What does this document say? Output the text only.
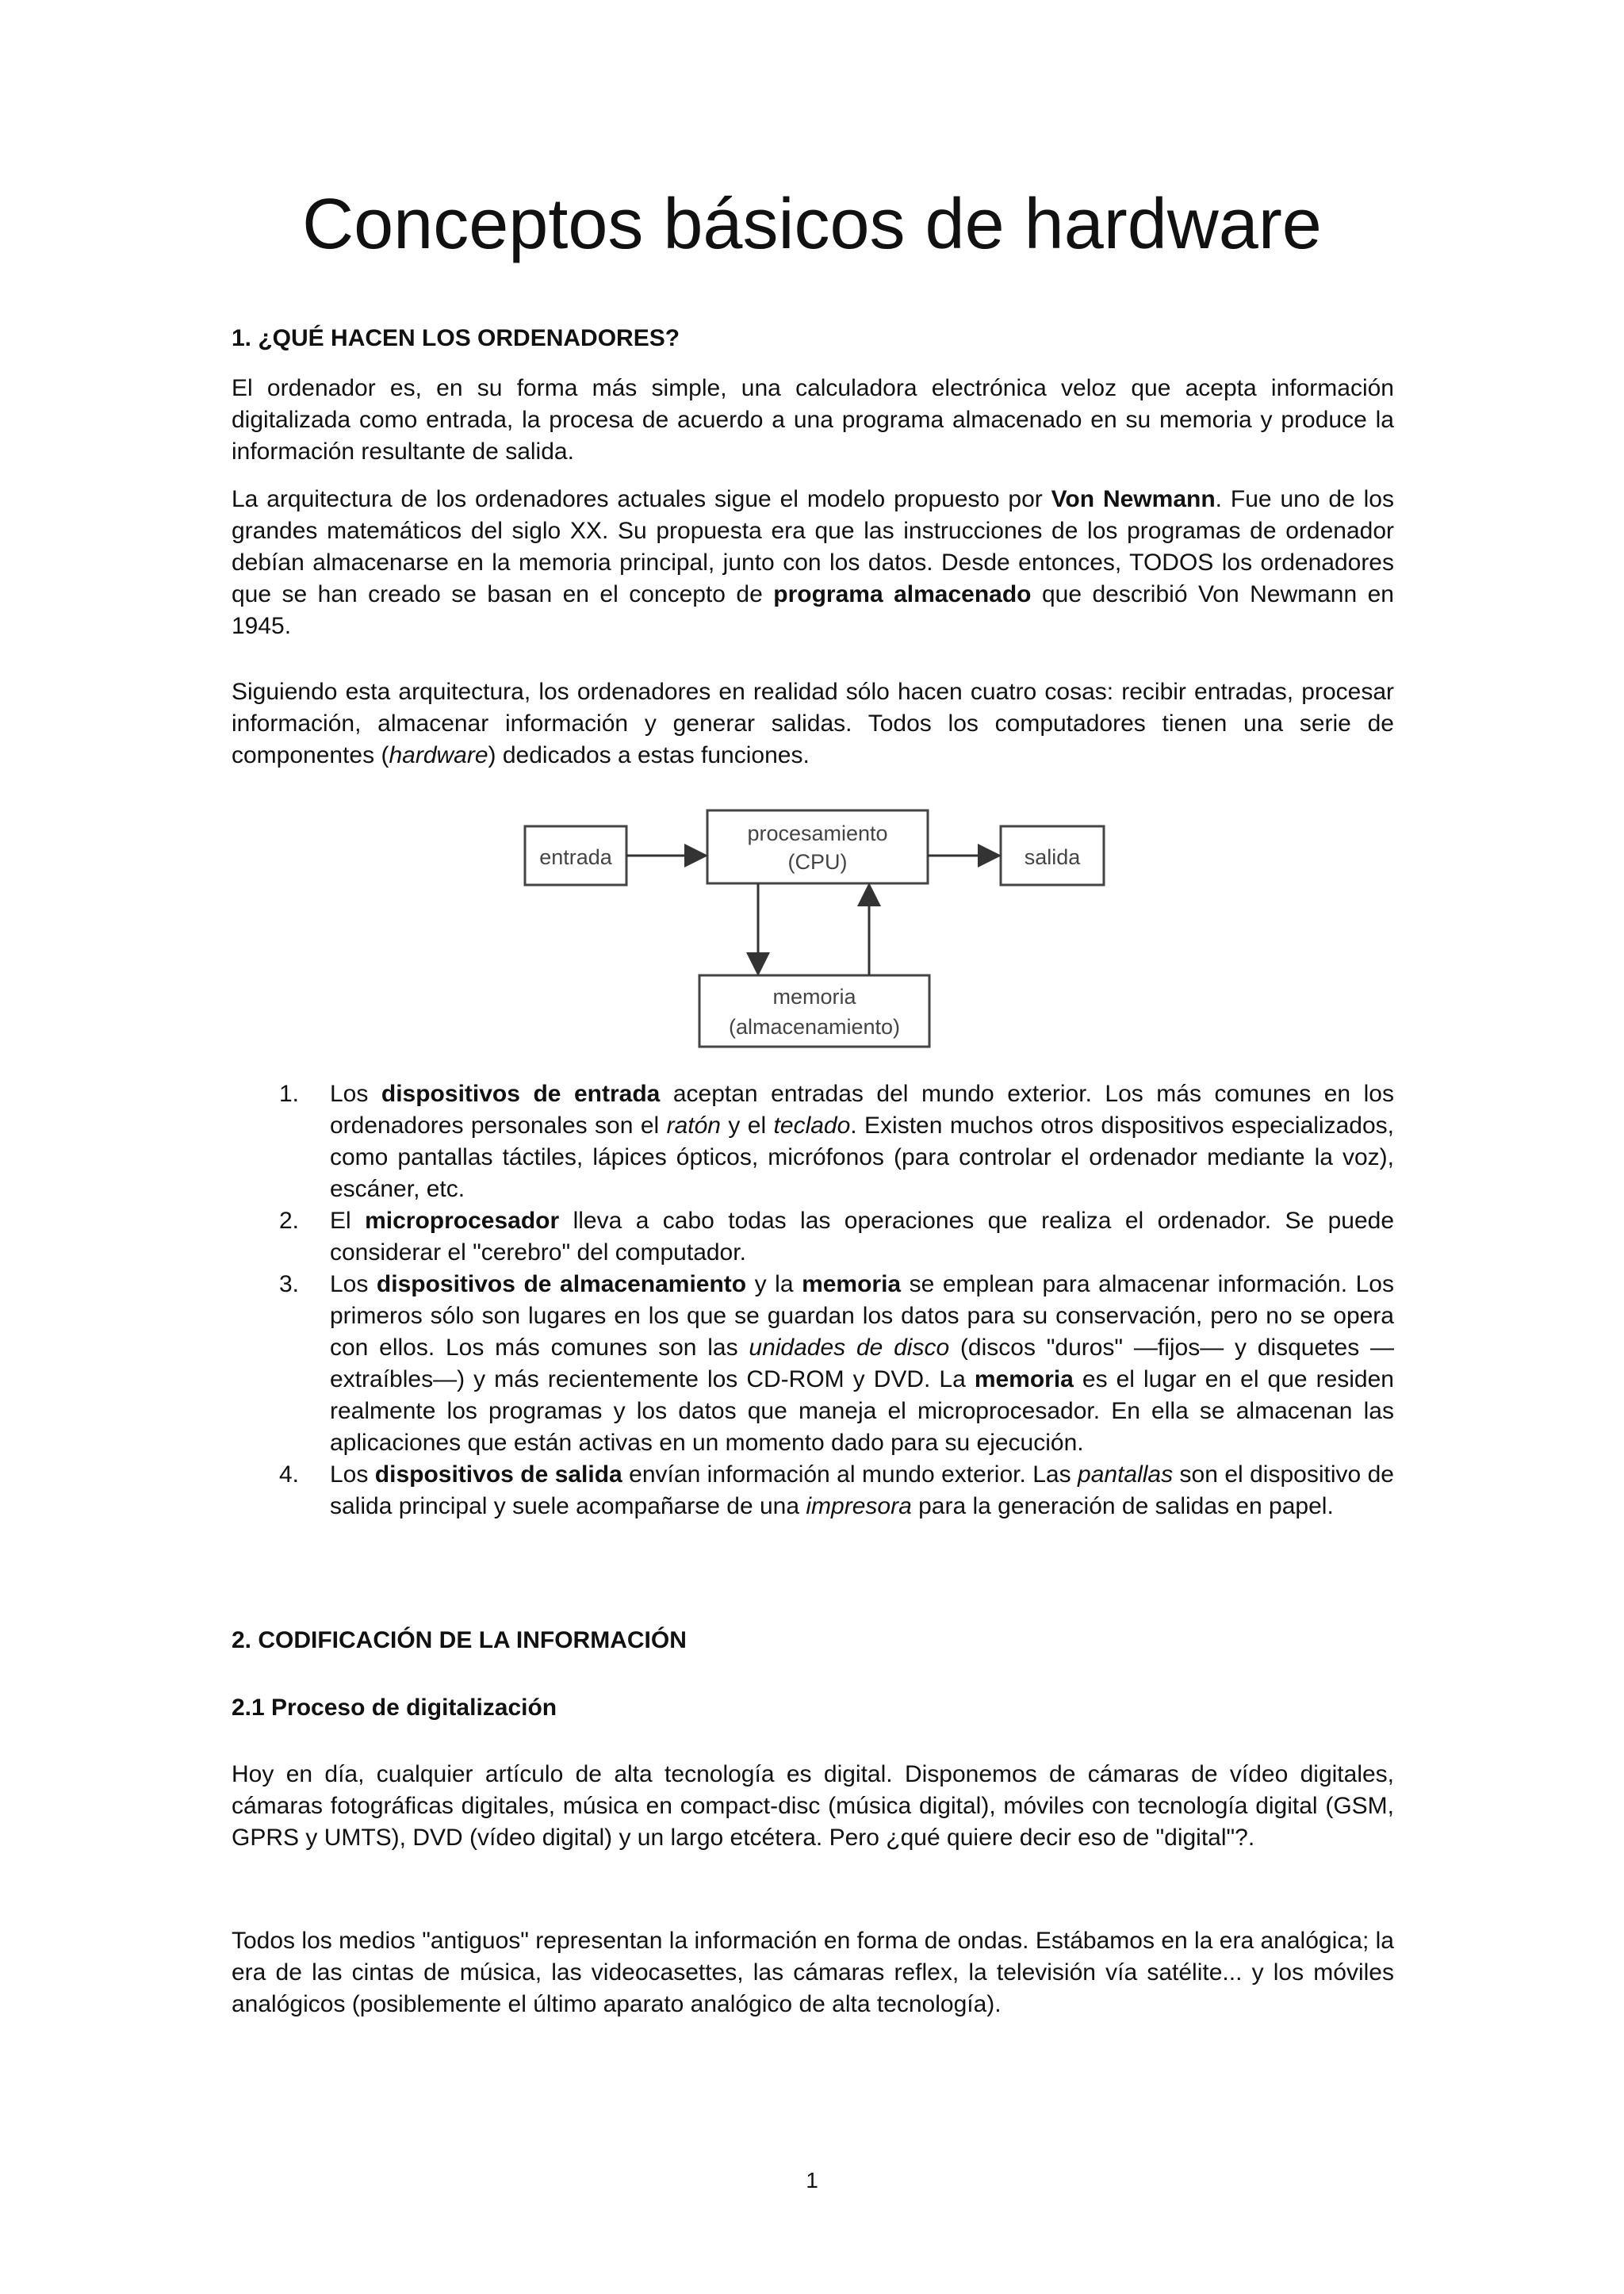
Conceptos básicos de hardware
1. ¿QUÉ HACEN LOS ORDENADORES?

El ordenador es, en su forma más simple, una calculadora electrónica veloz que acepta información digitalizada como entrada, la procesa de acuerdo a una programa almacenado en su memoria y produce la información resultante de salida.

La arquitectura de los ordenadores actuales sigue el modelo propuesto por Von Newmann. Fue uno de los grandes matemáticos del siglo XX. Su propuesta era que las instrucciones de los programas de ordenador debían almacenarse en la memoria principal, junto con los datos. Desde entonces, TODOS los ordenadores que se han creado se basan en el concepto de programa almacenado que describió Von Newmann en 1945.

Siguiendo esta arquitectura, los ordenadores en realidad sólo hacen cuatro cosas: recibir entradas, procesar información, almacenar información y generar salidas. Todos los computadores tienen una serie de componentes (hardware) dedicados a estas funciones.

entrada
procesamiento
(CPU)	salida
memoria
(almacenamiento)
1. Los dispositivos de entrada aceptan entradas del mundo exterior. Los más comunes en los ordenadores personales son el ratón y el teclado. Existen muchos otros dispositivos especializados, como pantallas táctiles, lápices ópticos, micrófonos (para controlar el ordenador mediante la voz), escáner, etc.
2. El microprocesador lleva a cabo todas las operaciones que realiza el ordenador. Se puede considerar el "cerebro" del computador.
3. Los dispositivos de almacenamiento y la memoria se emplean para almacenar información. Los primeros sólo son lugares en los que se guardan los datos para su conservación, pero no se opera con ellos. Los más comunes son las unidades de disco (discos "duros" —fijos— y disquetes —extraíbles—) y más recientemente los CD-ROM y DVD. La memoria es el lugar en el que residen realmente los programas y los datos que maneja el microprocesador. En ella se almacenan las aplicaciones que están activas en un momento dado para su ejecución.
4. Los dispositivos de salida envían información al mundo exterior. Las pantallas son el dispositivo de salida principal y suele acompañarse de una impresora para la generación de salidas en papel.
2. CODIFICACIÓN DE LA INFORMACIÓN
2.1 Proceso de digitalización

Hoy en día, cualquier artículo de alta tecnología es digital. Disponemos de cámaras de vídeo digitales, cámaras fotográficas digitales, música en compact-disc (música digital), móviles con tecnología digital (GSM, GPRS y UMTS), DVD (vídeo digital) y un largo etcétera. Pero ¿qué quiere decir eso de "digital"?.

Todos los medios "antiguos" representan la información en forma de ondas. Estábamos en la era analógica; la era de las cintas de música, las videocasettes, las cámaras reflex, la televisión vía satélite... y los móviles analógicos (posiblemente el último aparato analógico de alta tecnología).

1
